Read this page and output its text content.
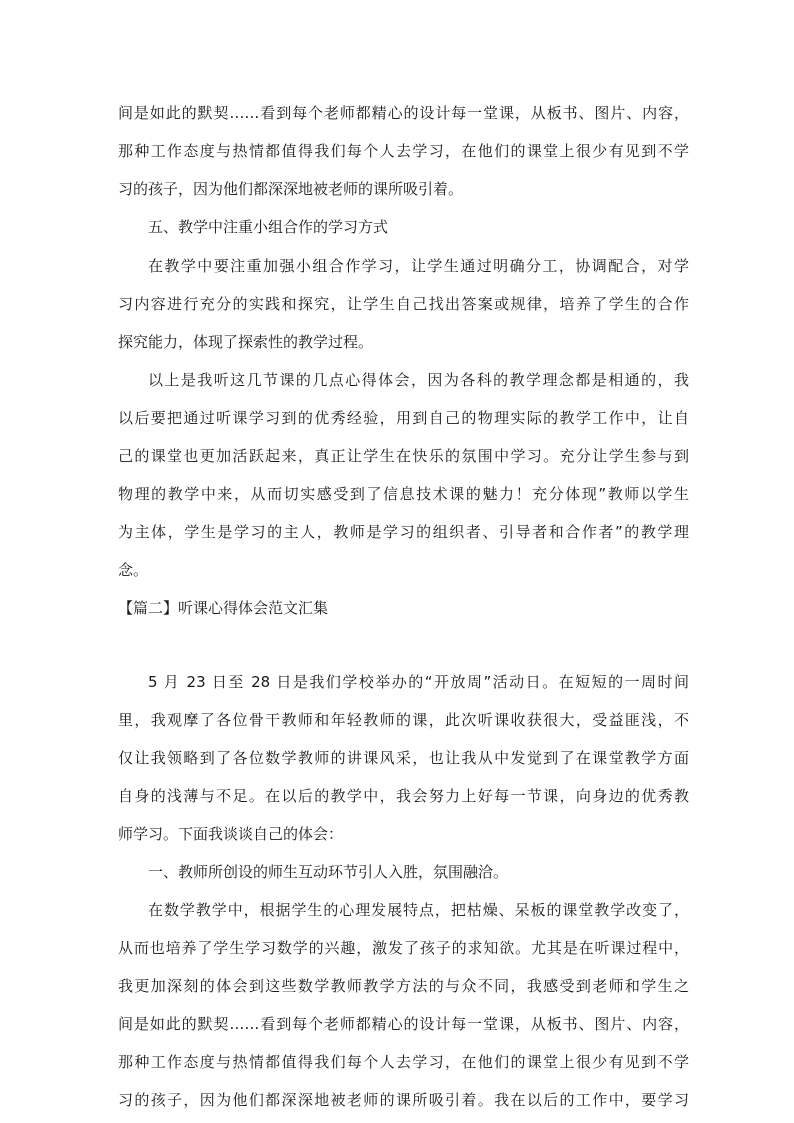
间是如此的默契……看到每个老师都精心的设计每一堂课，从板书、图片、内容，
那种工作态度与热情都值得我们每个人去学习，在他们的课堂上很少有见到不学
习的孩子，因为他们都深深地被老师的课所吸引着。
五、教学中注重小组合作的学习方式
在教学中要注重加强小组合作学习，让学生通过明确分工，协调配合，对学
习内容进行充分的实践和探究，让学生自己找出答案或规律，培养了学生的合作
探究能力，体现了探索性的教学过程。
以上是我听这几节课的几点心得体会，因为各科的教学理念都是相通的，我
以后要把通过听课学习到的优秀经验，用到自己的物理实际的教学工作中，让自
己的课堂也更加活跃起来，真正让学生在快乐的氛围中学习。充分让学生参与到
物理的教学中来，从而切实感受到了信息技术课的魅力！充分体现”教师以学生
为主体，学生是学习的主人，教师是学习的组织者、引导者和合作者”的教学理
念。
【篇二】听课心得体会范文汇集
5 月 23 日至 28 日是我们学校举办的“开放周”活动日。在短短的一周时间
里，我观摩了各位骨干教师和年轻教师的课，此次听课收获很大，受益匪浅，不
仅让我领略到了各位数学教师的讲课风采，也让我从中发觉到了在课堂教学方面
自身的浅薄与不足。在以后的教学中，我会努力上好每一节课，向身边的优秀教
师学习。下面我谈谈自己的体会：
一、教师所创设的师生互动环节引人入胜，氛围融洽。
在数学教学中，根据学生的心理发展特点，把枯燥、呆板的课堂教学改变了，
从而也培养了学生学习数学的兴趣，激发了孩子的求知欲。尤其是在听课过程中，
我更加深刻的体会到这些数学教师教学方法的与众不同，我感受到老师和学生之
间是如此的默契……看到每个老师都精心的设计每一堂课，从板书、图片、内容，
那种工作态度与热情都值得我们每个人去学习，在他们的课堂上很少有见到不学
习的孩子，因为他们都深深地被老师的课所吸引着。我在以后的工作中，要学习
